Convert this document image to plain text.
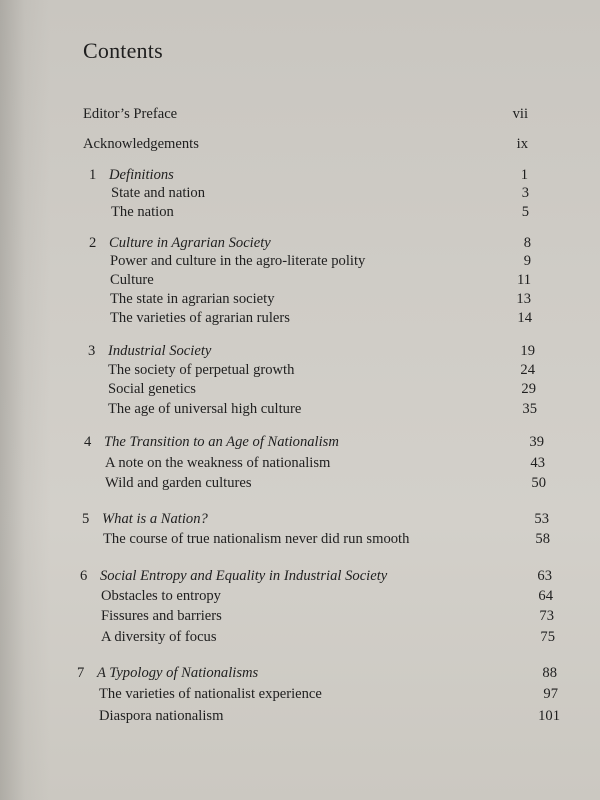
Contents
Editor’s Preface	vii
Acknowledgements	ix
1 Definitions	1
State and nation	3
The nation	5
2 Culture in Agrarian Society	8
Power and culture in the agro-literate polity	9
Culture	11
The state in agrarian society	13
The varieties of agrarian rulers	14
3 Industrial Society	19
The society of perpetual growth	24
Social genetics	29
The age of universal high culture	35
4 The Transition to an Age of Nationalism	39
A note on the weakness of nationalism	43
Wild and garden cultures	50
5 What is a Nation?	53
The course of true nationalism never did run smooth	58
6 Social Entropy and Equality in Industrial Society	63
Obstacles to entropy	64
Fissures and barriers	73
A diversity of focus	75
7 A Typology of Nationalisms	88
The varieties of nationalist experience	97
Diaspora nationalism	101
